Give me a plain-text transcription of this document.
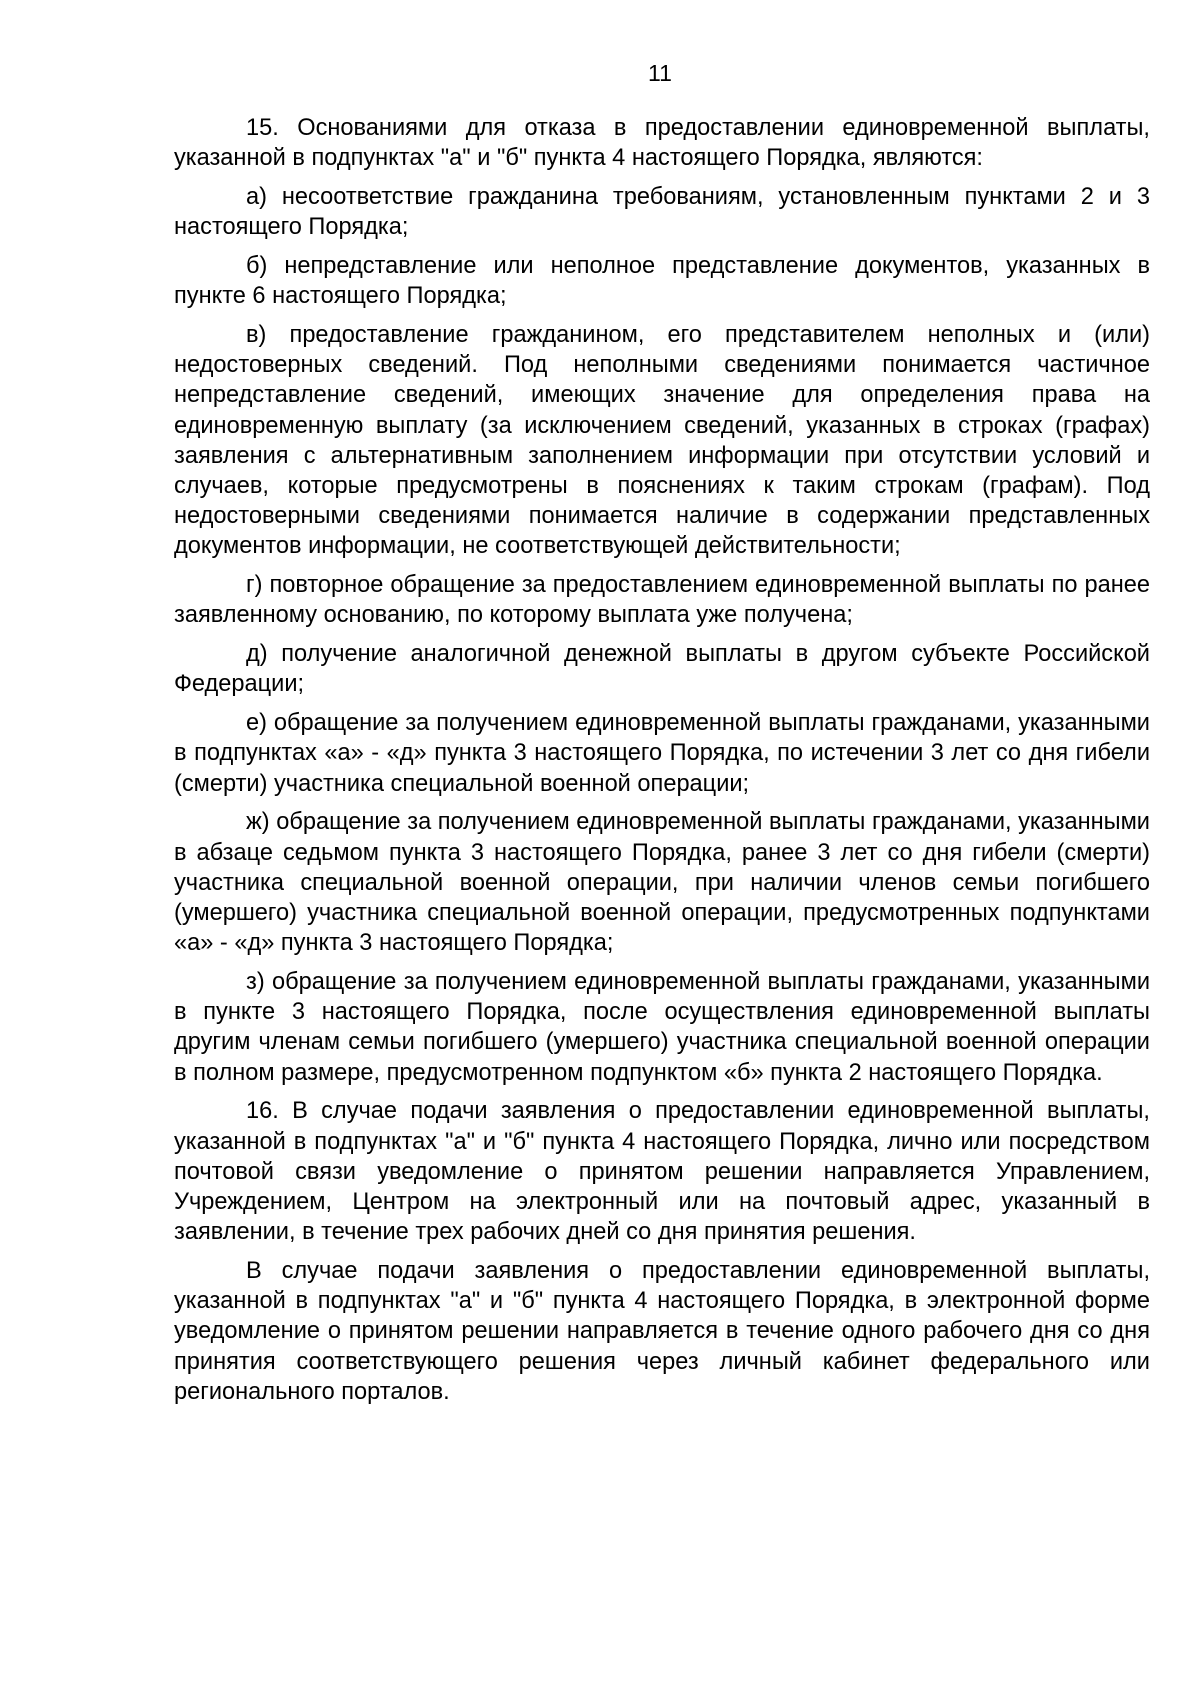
11

15. Основаниями для отказа в предоставлении единовременной выплаты, указанной в подпунктах "а" и "б" пункта 4 настоящего Порядка, являются:

а) несоответствие гражданина требованиям, установленным пунктами 2 и 3 настоящего Порядка;

б) непредставление или неполное представление документов, указанных в пункте 6 настоящего Порядка;

в) предоставление гражданином, его представителем неполных и (или) недостоверных сведений. Под неполными сведениями понимается частичное непредставление сведений, имеющих значение для определения права на единовременную выплату (за исключением сведений, указанных в строках (графах) заявления с альтернативным заполнением информации при отсутствии условий и случаев, которые предусмотрены в пояснениях к таким строкам (графам). Под недостоверными сведениями понимается наличие в содержании представленных документов информации, не соответствующей действительности;

г) повторное обращение за предоставлением единовременной выплаты по ранее заявленному основанию, по которому выплата уже получена;

д) получение аналогичной денежной выплаты в другом субъекте Российской Федерации;

е) обращение за получением единовременной выплаты гражданами, указанными в подпунктах «а» - «д» пункта 3 настоящего Порядка, по истечении 3 лет со дня гибели (смерти) участника специальной военной операции;

ж) обращение за получением единовременной выплаты гражданами, указанными в абзаце седьмом пункта 3 настоящего Порядка, ранее 3 лет со дня гибели (смерти) участника специальной военной операции, при наличии членов семьи погибшего (умершего) участника специальной военной операции, предусмотренных подпунктами «а» - «д» пункта 3 настоящего Порядка;

з) обращение за получением единовременной выплаты гражданами, указанными в пункте 3 настоящего Порядка, после осуществления единовременной выплаты другим членам семьи погибшего (умершего) участника специальной военной операции в полном размере, предусмотренном подпунктом «б» пункта 2 настоящего Порядка.

16. В случае подачи заявления о предоставлении единовременной выплаты, указанной в подпунктах "а" и "б" пункта 4 настоящего Порядка, лично или посредством почтовой связи уведомление о принятом решении направляется Управлением, Учреждением, Центром на электронный или на почтовый адрес, указанный в заявлении, в течение трех рабочих дней со дня принятия решения.

В случае подачи заявления о предоставлении единовременной выплаты, указанной в подпунктах "а" и "б" пункта 4 настоящего Порядка, в электронной форме уведомление о принятом решении направляется в течение одного рабочего дня со дня принятия соответствующего решения через личный кабинет федерального или регионального порталов.
